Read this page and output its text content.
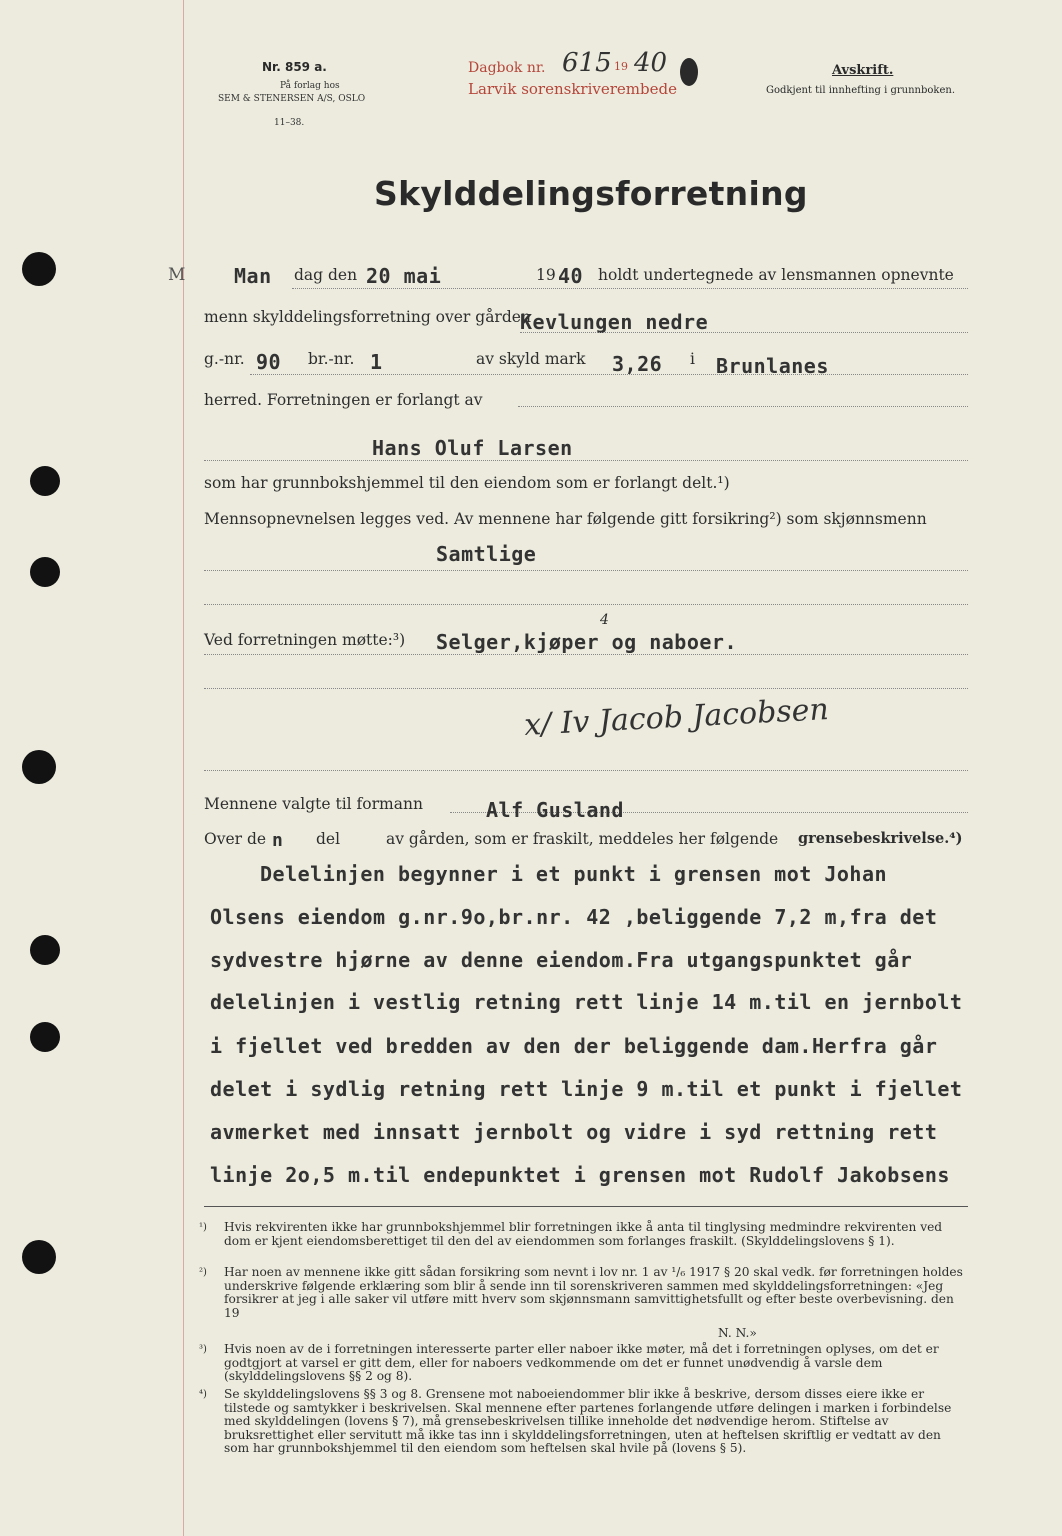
Nr. 859 a.
På forlag hos
SEM & STENERSEN A/S, OSLO
11–38.
Dagbok nr. 615 19 40
Larvik sorenskriverembede
Avskrift.
Godkjent til innhefting i grunnboken.
Skylddelingsforretning
M Man dag den 20 mai	19 40 holdt undertegnede av lensmannen opnevnte
menn skylddelingsforretning over gården
Kevlungen nedre
g.-nr. 90 br.-nr. 1	av skyld mark 3,26 i Brunlanes
herred. Forretningen er forlangt av
Hans Oluf Larsen
som har grunnbokshjemmel til den eiendom som er forlangt delt.¹)
Mennsopnevnelsen legges ved. Av mennene har følgende gitt forsikring²) som skjønnsmenn
Samtlige
Ved forretningen møtte:³)
4
Selger,kjøper og naboer.
x/ Iv Jacob Jacobsen
Mennene valgte til formann	Alf Gusland
Over de n del	av gården, som er fraskilt, meddeles her følgende grensebeskrivelse.⁴)
Delelinjen begynner i et punkt i grensen mot Johan
Olsens eiendom g.nr.9o,br.nr. 42 ,beliggende 7,2 m,fra det
sydvestre hjørne av denne eiendom.Fra utgangspunktet går
delelinjen i vestlig retning rett linje 14 m.til en jernbolt
i fjellet ved bredden av den der beliggende dam.Herfra går
delet i sydlig retning rett linje 9 m.til et punkt i fjellet
avmerket med innsatt jernbolt og vidre i syd rettning rett
linje 2o,5 m.til endepunktet i grensen mot Rudolf Jakobsens
¹) Hvis rekvirenten ikke har grunnbokshjemmel blir forretningen ikke å anta til tinglysing medmindre rekvirenten ved dom er kjent eiendomsberettiget til den del av eiendommen som forlanges fraskilt. (Skylddelingslovens § 1).
²) Har noen av mennene ikke gitt sådan forsikring som nevnt i lov nr. 1 av ¹/₆ 1917 § 20 skal vedk. før forretningen holdes underskrive følgende erklæring som blir å sende inn til sorenskriveren sammen med skylddelingsforretningen: «Jeg forsikrer at jeg i alle saker vil utføre mitt hverv som skjønnsmann samvittighetsfullt og efter beste overbevisning. den 19
N. N.»
³) Hvis noen av de i forretningen interesserte parter eller naboer ikke møter, må det i forretningen oplyses, om det er godtgjort at varsel er gitt dem, eller for naboers vedkommende om det er funnet unødvendig å varsle dem (skylddelingslovens §§ 2 og 8).
⁴) Se skylddelingslovens §§ 3 og 8. Grensene mot naboeiendommer blir ikke å beskrive, dersom disses eiere ikke er tilstede og samtykker i beskrivelsen. Skal mennene efter partenes forlangende utføre delingen i marken i forbindelse med skylddelingen (lovens § 7), må grensebeskrivelsen tillike inneholde det nødvendige herom. Stiftelse av bruksrettighet eller servitutt må ikke tas inn i skylddelingsforretningen, uten at heftelsen skriftlig er vedtatt av den som har grunnbokshjemmel til den eiendom som heftelsen skal hvile på (lovens § 5).
